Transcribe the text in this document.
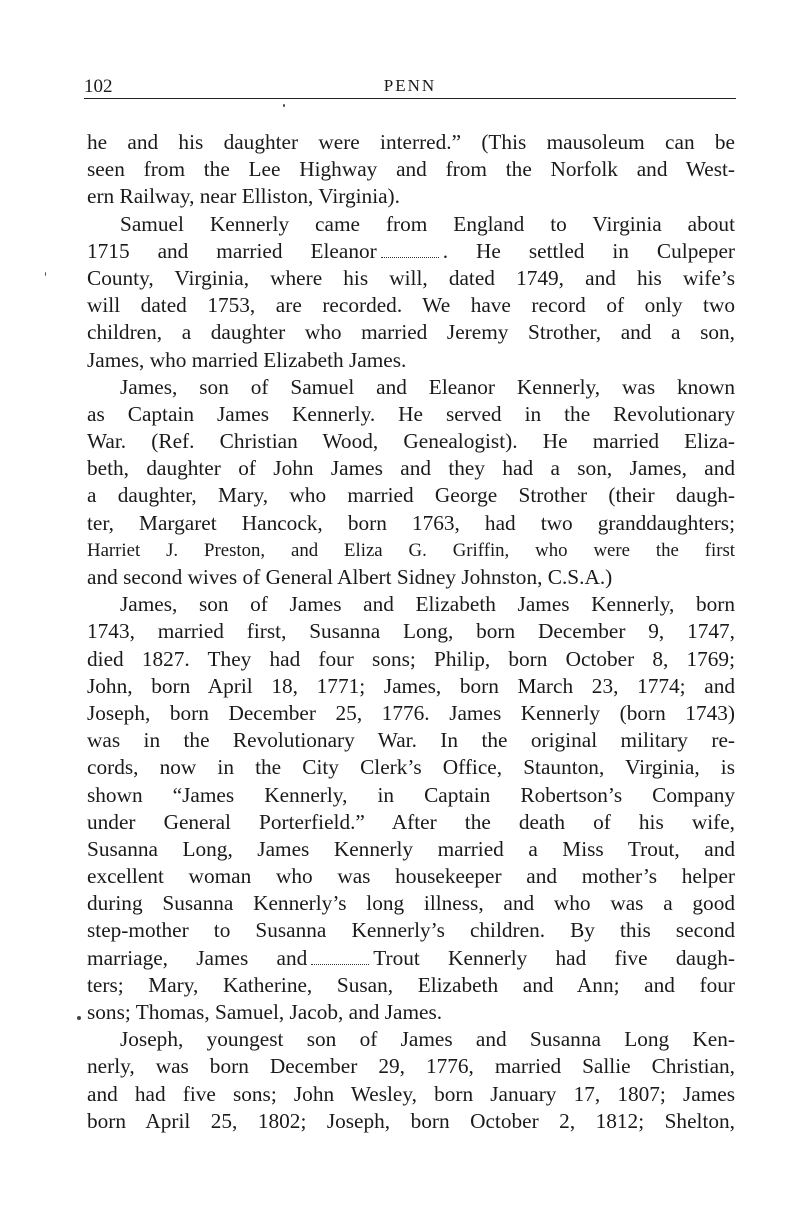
102	PENN
he and his daughter were interred.” (This mausoleum can be
seen from the Lee Highway and from the Norfolk and West-
ern Railway, near Elliston, Virginia).
Samuel Kennerly came from England to Virginia about
1715 and married Eleanor	. He settled in Culpeper
County, Virginia, where his will, dated 1749, and his wife’s
will dated 1753, are recorded. We have record of only two
children, a daughter who married Jeremy Strother, and a son,
James, who married Elizabeth James.
James, son of Samuel and Eleanor Kennerly, was known
as Captain James Kennerly. He served in the Revolutionary
War. (Ref. Christian Wood, Genealogist). He married Eliza-
beth, daughter of John James and they had a son, James, and
a daughter, Mary, who married George Strother (their daugh-
ter, Margaret Hancock, born 1763, had two granddaughters;
Harriet J. Preston, and Eliza G. Griffin, who were the first
and second wives of General Albert Sidney Johnston, C.S.A.)
James, son of James and Elizabeth James Kennerly, born
1743, married first, Susanna Long, born December 9, 1747,
died 1827. They had four sons; Philip, born October 8, 1769;
John, born April 18, 1771; James, born March 23, 1774; and
Joseph, born December 25, 1776. James Kennerly (born 1743)
was in the Revolutionary War. In the original military re-
cords, now in the City Clerk’s Office, Staunton, Virginia, is
shown “James Kennerly, in Captain Robertson’s Company
under General Porterfield.” After the death of his wife,
Susanna Long, James Kennerly married a Miss Trout, and
excellent woman who was housekeeper and mother’s helper
during Susanna Kennerly’s long illness, and who was a good
step-mother to Susanna Kennerly’s children. By this second
marriage, James and	Trout Kennerly had five daugh-
ters; Mary, Katherine, Susan, Elizabeth and Ann; and four
sons; Thomas, Samuel, Jacob, and James.
Joseph, youngest son of James and Susanna Long Ken-
nerly, was born December 29, 1776, married Sallie Christian,
and had five sons; John Wesley, born January 17, 1807; James
born April 25, 1802; Joseph, born October 2, 1812; Shelton,
